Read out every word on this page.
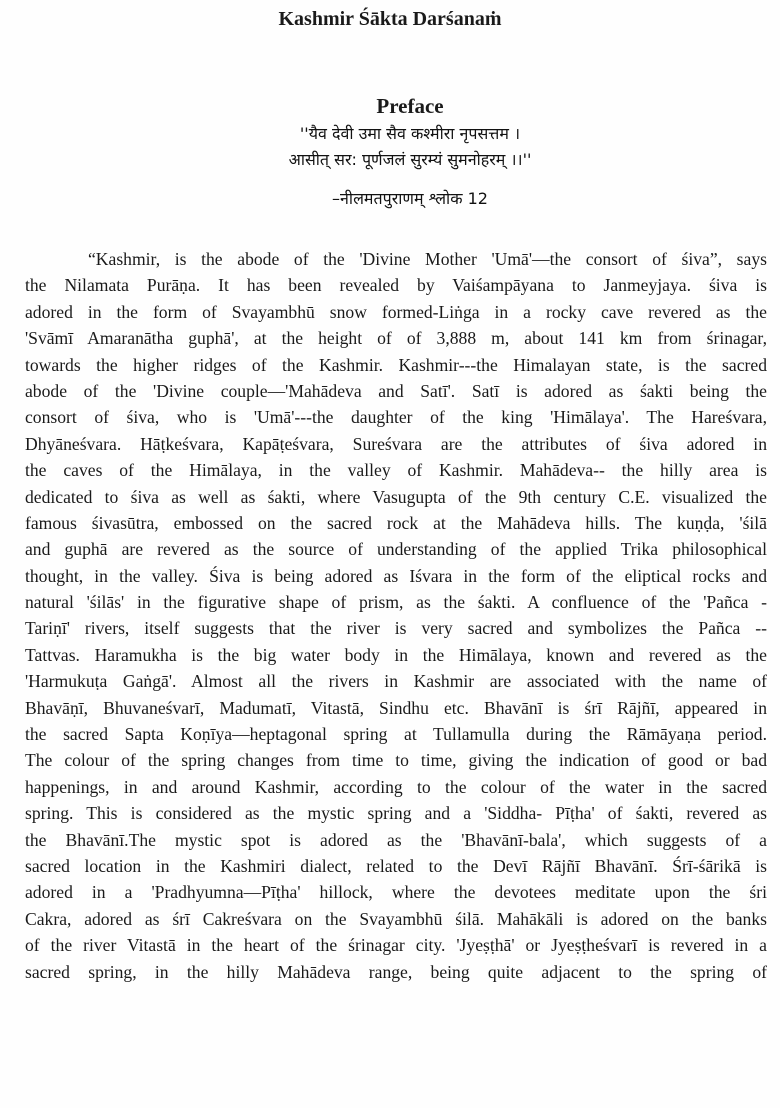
Kashmir Śākta Darśanaṁ
Preface

''यैव देवी उमा सैव कश्मीरा नृपसत्तम ।

आसीत् सर: पूर्णजलं सुरम्यं सुमनोहरम् ।।''

–नीलमतपुराणम् श्लोक 12

“Kashmir, is the abode of the 'Divine Mother 'Umā'—the consort of śiva”, says
the Nilamata Purāṇa. It has been revealed by Vaiśampāyana to Janmeyjaya. śiva is
adored in the form of Svayambhū snow formed-Liṅga in a rocky cave revered as the
'Svāmī Amaranātha guphā', at the height of of 3,888 m, about 141 km from śrinagar,
towards the higher ridges of the Kashmir. Kashmir---the Himalayan state, is the sacred
abode of the 'Divine couple—'Mahādeva and Satī'. Satī is adored as śakti being the
consort of śiva, who is 'Umā'---the daughter of the king 'Himālaya'. The Hareśvara,
Dhyāneśvara. Hāṭkeśvara, Kapāṭeśvara, Sureśvara are the attributes of śiva adored in
the caves of the Himālaya, in the valley of Kashmir. Mahādeva-- the hilly area is
dedicated to śiva as well as śakti, where Vasugupta of the 9th century C.E. visualized the
famous śivasūtra, embossed on the sacred rock at the Mahādeva hills. The kuṇḍa, 'śilā
and guphā are revered as the source of understanding of the applied Trika philosophical
thought, in the valley. Śiva is being adored as Iśvara in the form of the eliptical rocks and
natural 'śilās' in the figurative shape of prism, as the śakti. A confluence of the 'Pañca -
Tariṇī' rivers, itself suggests that the river is very sacred and symbolizes the Pañca --
Tattvas. Haramukha is the big water body in the Himālaya, known and revered as the
'Harmukuṭa Gaṅgā'. Almost all the rivers in Kashmir are associated with the name of
Bhavāṇī, Bhuvaneśvarī, Madumatī, Vitastā, Sindhu etc. Bhavānī is śrī Rājñī, appeared in
the sacred Sapta Koṇīya—heptagonal spring at Tullamulla during the Rāmāyaṇa period.
The colour of the spring changes from time to time, giving the indication of good or bad
happenings, in and around Kashmir, according to the colour of the water in the sacred
spring. This is considered as the mystic spring and a 'Siddha- Pīṭha' of śakti, revered as
the Bhavānī.The mystic spot is adored as the 'Bhavānī-bala', which suggests of a
sacred location in the Kashmiri dialect, related to the Devī Rājñī Bhavānī. Śrī-śārikā is
adored in a 'Pradhyumna—Pīṭha' hillock, where the devotees meditate upon the śri
Cakra, adored as śrī Cakreśvara on the Svayambhū śilā. Mahākāli is adored on the banks
of the river Vitastā in the heart of the śrinagar city. 'Jyeṣṭhā' or Jyeṣṭheśvarī is revered in a
sacred spring, in the hilly Mahādeva range, being quite adjacent to the spring of
